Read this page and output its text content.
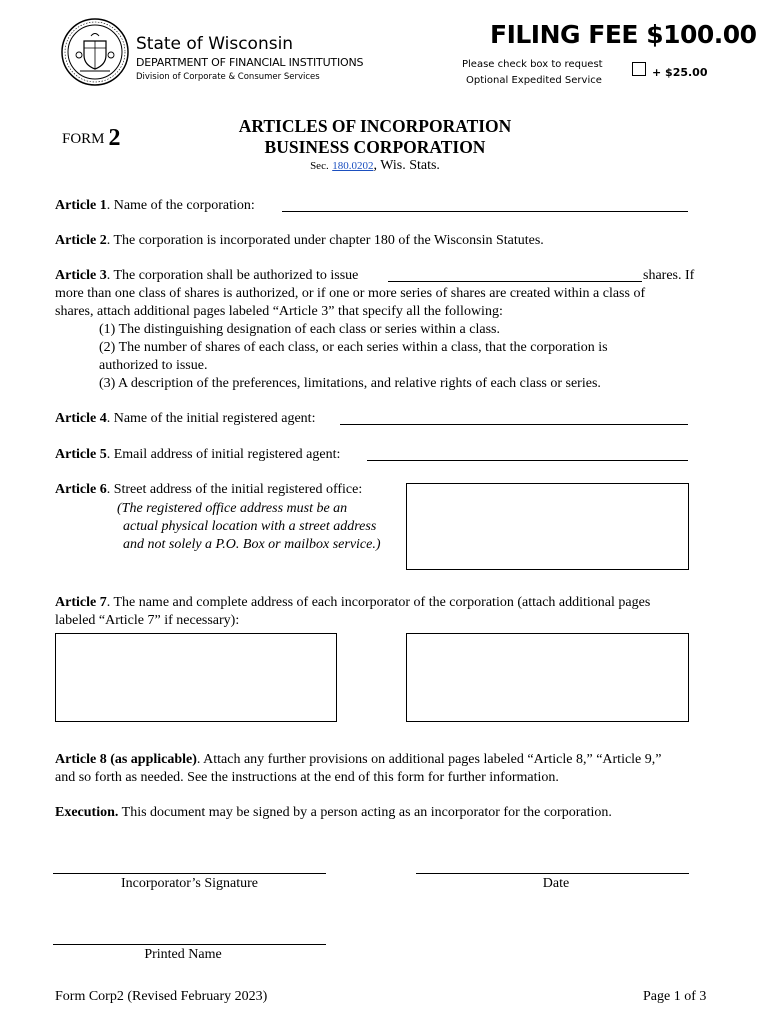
State of Wisconsin
DEPARTMENT OF FINANCIAL INSTITUTIONS
Division of Corporate & Consumer Services
FILING FEE $100.00
Please check box to request
Optional Expedited Service
+ $25.00
FORM 2	ARTICLES OF INCORPORATION
BUSINESS CORPORATION
Sec. 180.0202, Wis. Stats.
Article 1. Name of the corporation:
Article 2. The corporation is incorporated under chapter 180 of the Wisconsin Statutes.
Article 3. The corporation shall be authorized to issue	shares. If
more than one class of shares is authorized, or if one or more series of shares are created within a class of
shares, attach additional pages labeled “Article 3” that specify all the following:
(1) The distinguishing designation of each class or series within a class.
(2) The number of shares of each class, or each series within a class, that the corporation is
authorized to issue.
(3) A description of the preferences, limitations, and relative rights of each class or series.
Article 4. Name of the initial registered agent:
Article 5. Email address of initial registered agent:
Article 6. Street address of the initial registered office:
(The registered office address must be an
actual physical location with a street address
and not solely a P.O. Box or mailbox service.)
Article 7. The name and complete address of each incorporator of the corporation (attach additional pages
labeled “Article 7” if necessary):
Article 8 (as applicable). Attach any further provisions on additional pages labeled “Article 8,” “Article 9,”
and so forth as needed. See the instructions at the end of this form for further information.
Execution. This document may be signed by a person acting as an incorporator for the corporation.
Incorporator’s Signature	Date
Printed Name
Form Corp2 (Revised February 2023)	Page 1 of 3
